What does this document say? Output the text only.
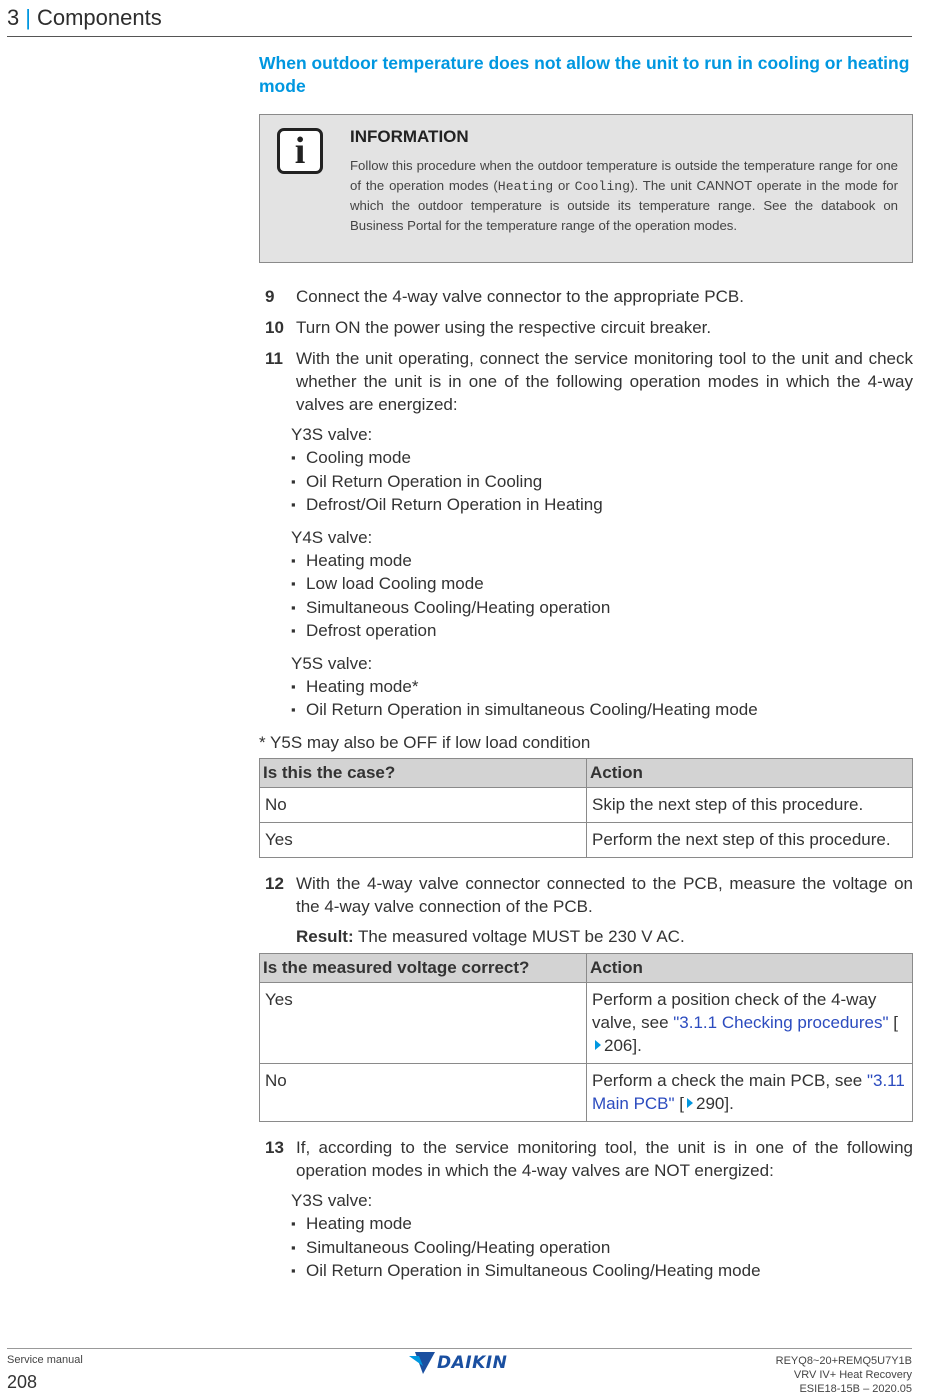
3 | Components
When outdoor temperature does not allow the unit to run in cooling or heating mode
i	INFORMATION
Follow this procedure when the outdoor temperature is outside the temperature range for one of the operation modes (Heating or Cooling). The unit CANNOT operate in the mode for which the outdoor temperature is outside its temperature range. See the databook on Business Portal for the temperature range of the operation modes.
9 Connect the 4-way valve connector to the appropriate PCB.
10 Turn ON the power using the respective circuit breaker.
11 With the unit operating, connect the service monitoring tool to the unit and check whether the unit is in one of the following operation modes in which the 4-way valves are energized:
Y3S valve:
▪ Cooling mode
▪ Oil Return Operation in Cooling
▪ Defrost/Oil Return Operation in Heating
Y4S valve:
▪ Heating mode
▪ Low load Cooling mode
▪ Simultaneous Cooling/Heating operation
▪ Defrost operation
Y5S valve:
▪ Heating mode*
▪ Oil Return Operation in simultaneous Cooling/Heating mode
* Y5S may also be OFF if low load condition
Is this the case?	Action
No	Skip the next step of this procedure.
Yes	Perform the next step of this procedure.
12 With the 4-way valve connector connected to the PCB, measure the voltage on the 4-way valve connection of the PCB.
Result: The measured voltage MUST be 230 V AC.
Is the measured voltage correct?	Action
Yes	Perform a position check of the 4-way valve, see "3.1.1 Checking procedures" [206].
No	Perform a check the main PCB, see "3.11 Main PCB" [ 290].
13 If, according to the service monitoring tool, the unit is in one of the following operation modes in which the 4-way valves are NOT energized:
Y3S valve:
▪ Heating mode
▪ Simultaneous Cooling/Heating operation
▪ Oil Return Operation in Simultaneous Cooling/Heating mode
Service manual
208
DAIKIN	REYQ8~20+REMQ5U7Y1B
VRV IV+ Heat Recovery
ESIE18-15B – 2020.05
